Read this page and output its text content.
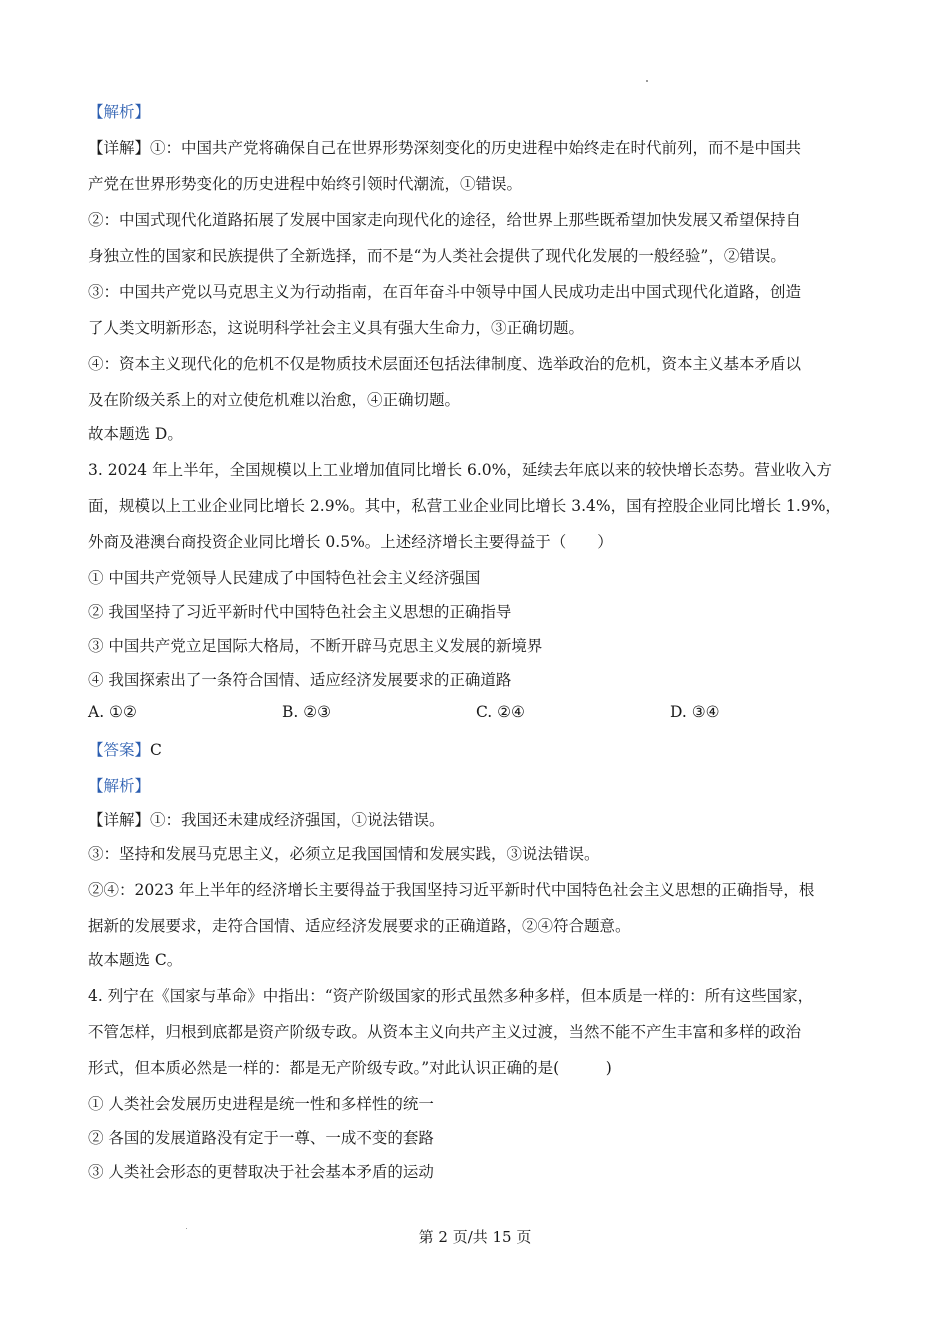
【解析】
【详解】①：中国共产党将确保自己在世界形势深刻变化的历史进程中始终走在时代前列，而不是中国共
产党在世界形势变化的历史进程中始终引领时代潮流，①错误。
②：中国式现代化道路拓展了发展中国家走向现代化的途径，给世界上那些既希望加快发展又希望保持自
身独立性的国家和民族提供了全新选择，而不是“为人类社会提供了现代化发展的一般经验”，②错误。
③：中国共产党以马克思主义为行动指南，在百年奋斗中领导中国人民成功走出中国式现代化道路，创造
了人类文明新形态，这说明科学社会主义具有强大生命力，③正确切题。
④：资本主义现代化的危机不仅是物质技术层面还包括法律制度、选举政治的危机，资本主义基本矛盾以
及在阶级关系上的对立使危机难以治愈，④正确切题。
故本题选 D。
3. 2024 年上半年，全国规模以上工业增加值同比增长 6.0%，延续去年底以来的较快增长态势。营业收入方
面，规模以上工业企业同比增长 2.9%。其中，私营工业企业同比增长 3.4%，国有控股企业同比增长 1.9%，
外商及港澳台商投资企业同比增长 0.5%。上述经济增长主要得益于（　　）
① 中国共产党领导人民建成了中国特色社会主义经济强国
② 我国坚持了习近平新时代中国特色社会主义思想的正确指导
③ 中国共产党立足国际大格局，不断开辟马克思主义发展的新境界
④ 我国探索出了一条符合国情、适应经济发展要求的正确道路
A. ①②	B. ②③	C. ②④	D. ③④
【答案】C
【解析】
【详解】①：我国还未建成经济强国，①说法错误。
③：坚持和发展马克思主义，必须立足我国国情和发展实践，③说法错误。
②④：2023 年上半年的经济增长主要得益于我国坚持习近平新时代中国特色社会主义思想的正确指导，根
据新的发展要求，走符合国情、适应经济发展要求的正确道路，②④符合题意。
故本题选 C。
4. 列宁在《国家与革命》中指出：“资产阶级国家的形式虽然多种多样，但本质是一样的：所有这些国家，
不管怎样，归根到底都是资产阶级专政。从资本主义向共产主义过渡，当然不能不产生丰富和多样的政治
形式，但本质必然是一样的：都是无产阶级专政。”对此认识正确的是(　　　)
① 人类社会发展历史进程是统一性和多样性的统一
② 各国的发展道路没有定于一尊、一成不变的套路
③ 人类社会形态的更替取决于社会基本矛盾的运动
第 2 页/共 15 页
